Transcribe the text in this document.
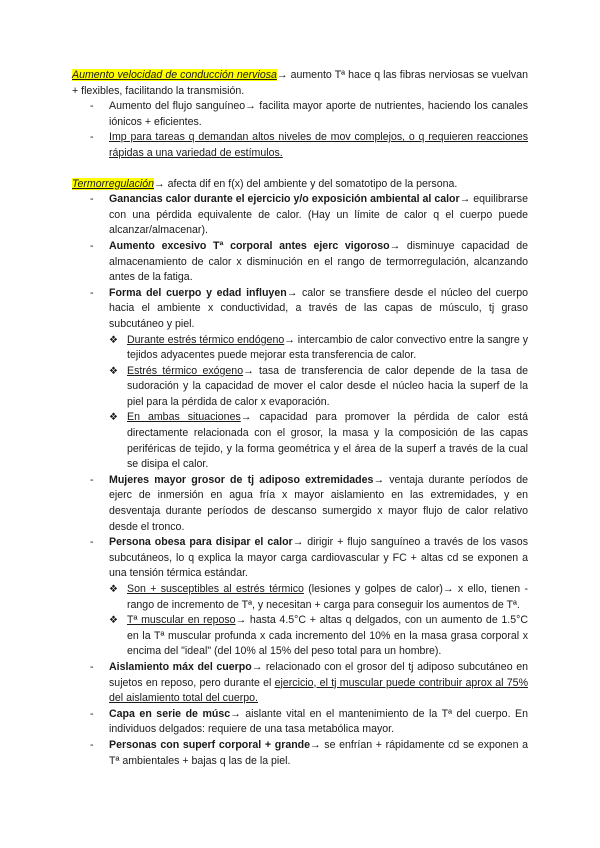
Aumento velocidad de conducción nerviosa→ aumento Tª hace q las fibras nerviosas se vuelvan + flexibles, facilitando la transmisión.

- Aumento del flujo sanguíneo→ facilita mayor aporte de nutrientes, haciendo los canales iónicos + eficientes.
- Imp para tareas q demandan altos niveles de mov complejos, o q requieren reacciones rápidas a una variedad de estímulos.

Termorregulación→ afecta dif en f(x) del ambiente y del somatotipo de la persona.

- Ganancias calor durante el ejercicio y/o exposición ambiental al calor→ equilibrarse con una pérdida equivalente de calor. (Hay un límite de calor q el cuerpo puede alcanzar/almacenar).
- Aumento excesivo Tª corporal antes ejerc vigoroso→ disminuye capacidad de almacenamiento de calor x disminución en el rango de termorregulación, alcanzando antes de la fatiga.
- Forma del cuerpo y edad influyen→ calor se transfiere desde el núcleo del cuerpo hacia el ambiente x conductividad, a través de las capas de músculo, tj graso subcutáneo y piel.
❖ Durante estrés térmico endógeno→ intercambio de calor convectivo entre la sangre y tejidos adyacentes puede mejorar esta transferencia de calor.
❖ Estrés térmico exógeno→ tasa de transferencia de calor depende de la tasa de sudoración y la capacidad de mover el calor desde el núcleo hacia la superf de la piel para la pérdida de calor x evaporación.
❖ En ambas situaciones→ capacidad para promover la pérdida de calor está directamente relacionada con el grosor, la masa y la composición de las capas periféricas de tejido, y la forma geométrica y el área de la superf a través de la cual se disipa el calor.
- Mujeres mayor grosor de tj adiposo extremidades→ ventaja durante períodos de ejerc de inmersión en agua fría x mayor aislamiento en las extremidades, y en desventaja durante períodos de descanso sumergido x mayor flujo de calor relativo desde el tronco.
- Persona obesa para disipar el calor→ dirigir + flujo sanguíneo a través de los vasos subcutáneos, lo q explica la mayor carga cardiovascular y FC + altas cd se exponen a una tensión térmica estándar.
❖ Son + susceptibles al estrés térmico (lesiones y golpes de calor)→ x ello, tienen - rango de incremento de Tª, y necesitan + carga para conseguir los aumentos de Tª.
❖ Tª muscular en reposo→ hasta 4.5°C + altas q delgados, con un aumento de 1.5°C en la Tª muscular profunda x cada incremento del 10% en la masa grasa corporal x encima del "ideal" (del 10% al 15% del peso total para un hombre).
- Aislamiento máx del cuerpo→ relacionado con el grosor del tj adiposo subcutáneo en sujetos en reposo, pero durante el ejercicio, el tj muscular puede contribuir aprox al 75% del aislamiento total del cuerpo.
- Capa en serie de músc→ aislante vital en el mantenimiento de la Tª del cuerpo. En individuos delgados: requiere de una tasa metabólica mayor.
- Personas con superf corporal + grande→ se enfrían + rápidamente cd se exponen a Tª ambientales + bajas q las de la piel.
